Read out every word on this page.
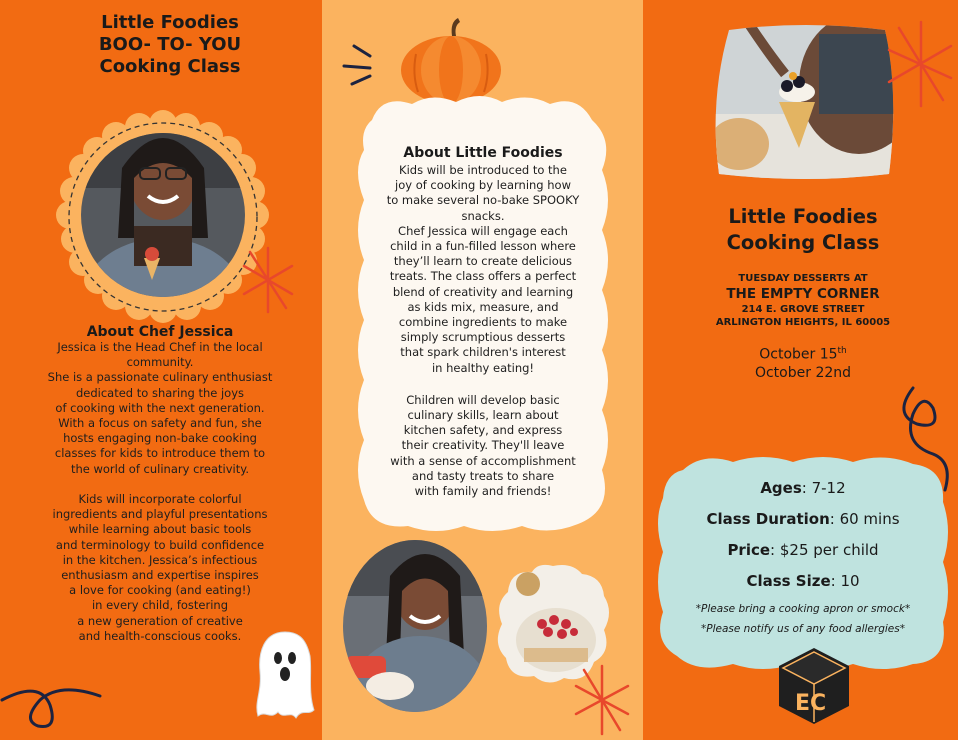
Little Foodies
BOO- TO- YOU
Cooking Class
About Chef Jessica
Jessica is the Head Chef in the local
community.
She is a passionate culinary enthusiast
dedicated to sharing the joys
of cooking with the next generation.
With a focus on safety and fun, she
hosts engaging non-bake cooking
classes for kids to introduce them to
the world of culinary creativity.
Kids will incorporate colorful
ingredients and playful presentations
while learning about basic tools
and terminology to build confidence
in the kitchen. Jessica’s infectious
enthusiasm and expertise inspires
a love for cooking (and eating!)
in every child, fostering
a new generation of creative
and health-conscious cooks.
About Little Foodies
Kids will be introduced to the
joy of cooking by learning how
to make several no-bake SPOOKY
snacks.
Chef Jessica will engage each
child in a fun-filled lesson where
they’ll learn to create delicious
treats. The class offers a perfect
blend of creativity and learning
as kids mix, measure, and
combine ingredients to make
simply scrumptious desserts
that spark children's interest
in healthy eating!
Children will develop basic
culinary skills, learn about
kitchen safety, and express
their creativity. They'll leave
with a sense of accomplishment
and tasty treats to share
with family and friends!
Little Foodies
Cooking Class
TUESDAY DESSERTS AT
THE EMPTY CORNER
214 E. GROVE STREET
ARLINGTON HEIGHTS, IL 60005
October 15th
October 22nd
Ages: 7-12
Class Duration: 60 mins
Price: $25 per child
Class Size: 10
*Please bring a cooking apron or smock*
*Please notify us of any food allergies*
EC
